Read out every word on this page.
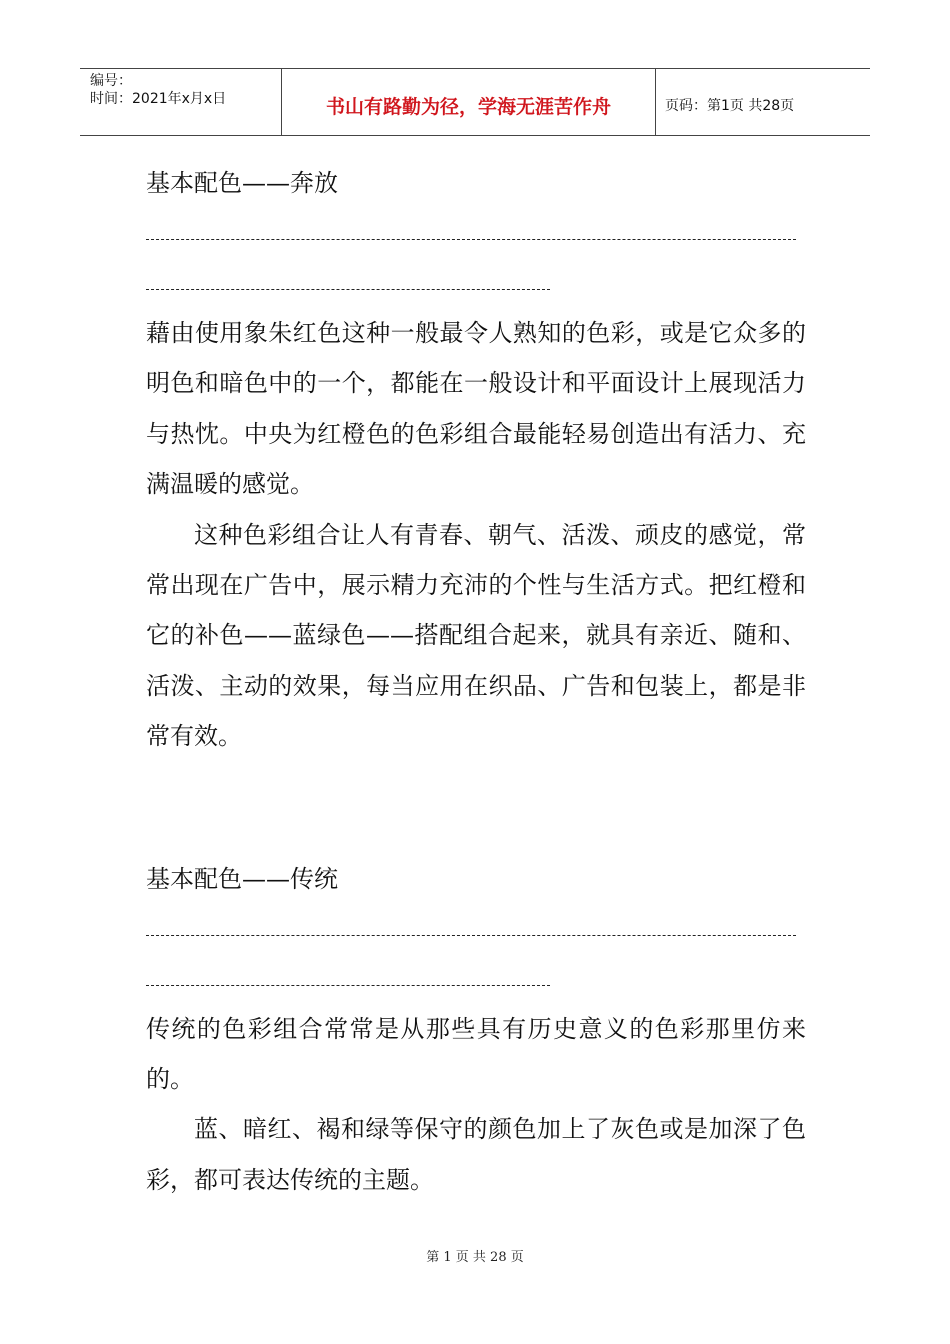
编号：
时间：2021年x月x日	书山有路勤为径，学海无涯苦作舟	页码：第1页 共28页
基本配色——奔放

藉由使用象朱红色这种一般最令人熟知的色彩，或是它众多的明色和暗色中的一个，都能在一般设计和平面设计上展现活力与热忱。中央为红橙色的色彩组合最能轻易创造出有活力、充满温暖的感觉。

这种色彩组合让人有青春、朝气、活泼、顽皮的感觉，常常出现在广告中，展示精力充沛的个性与生活方式。把红橙和它的补色——蓝绿色——搭配组合起来，就具有亲近、随和、活泼、主动的效果，每当应用在织品、广告和包装上，都是非常有效。

基本配色——传统

传统的色彩组合常常是从那些具有历史意义的色彩那里仿来的。

蓝、暗红、褐和绿等保守的颜色加上了灰色或是加深了色彩，都可表达传统的主题。

第 1 页 共 28 页
